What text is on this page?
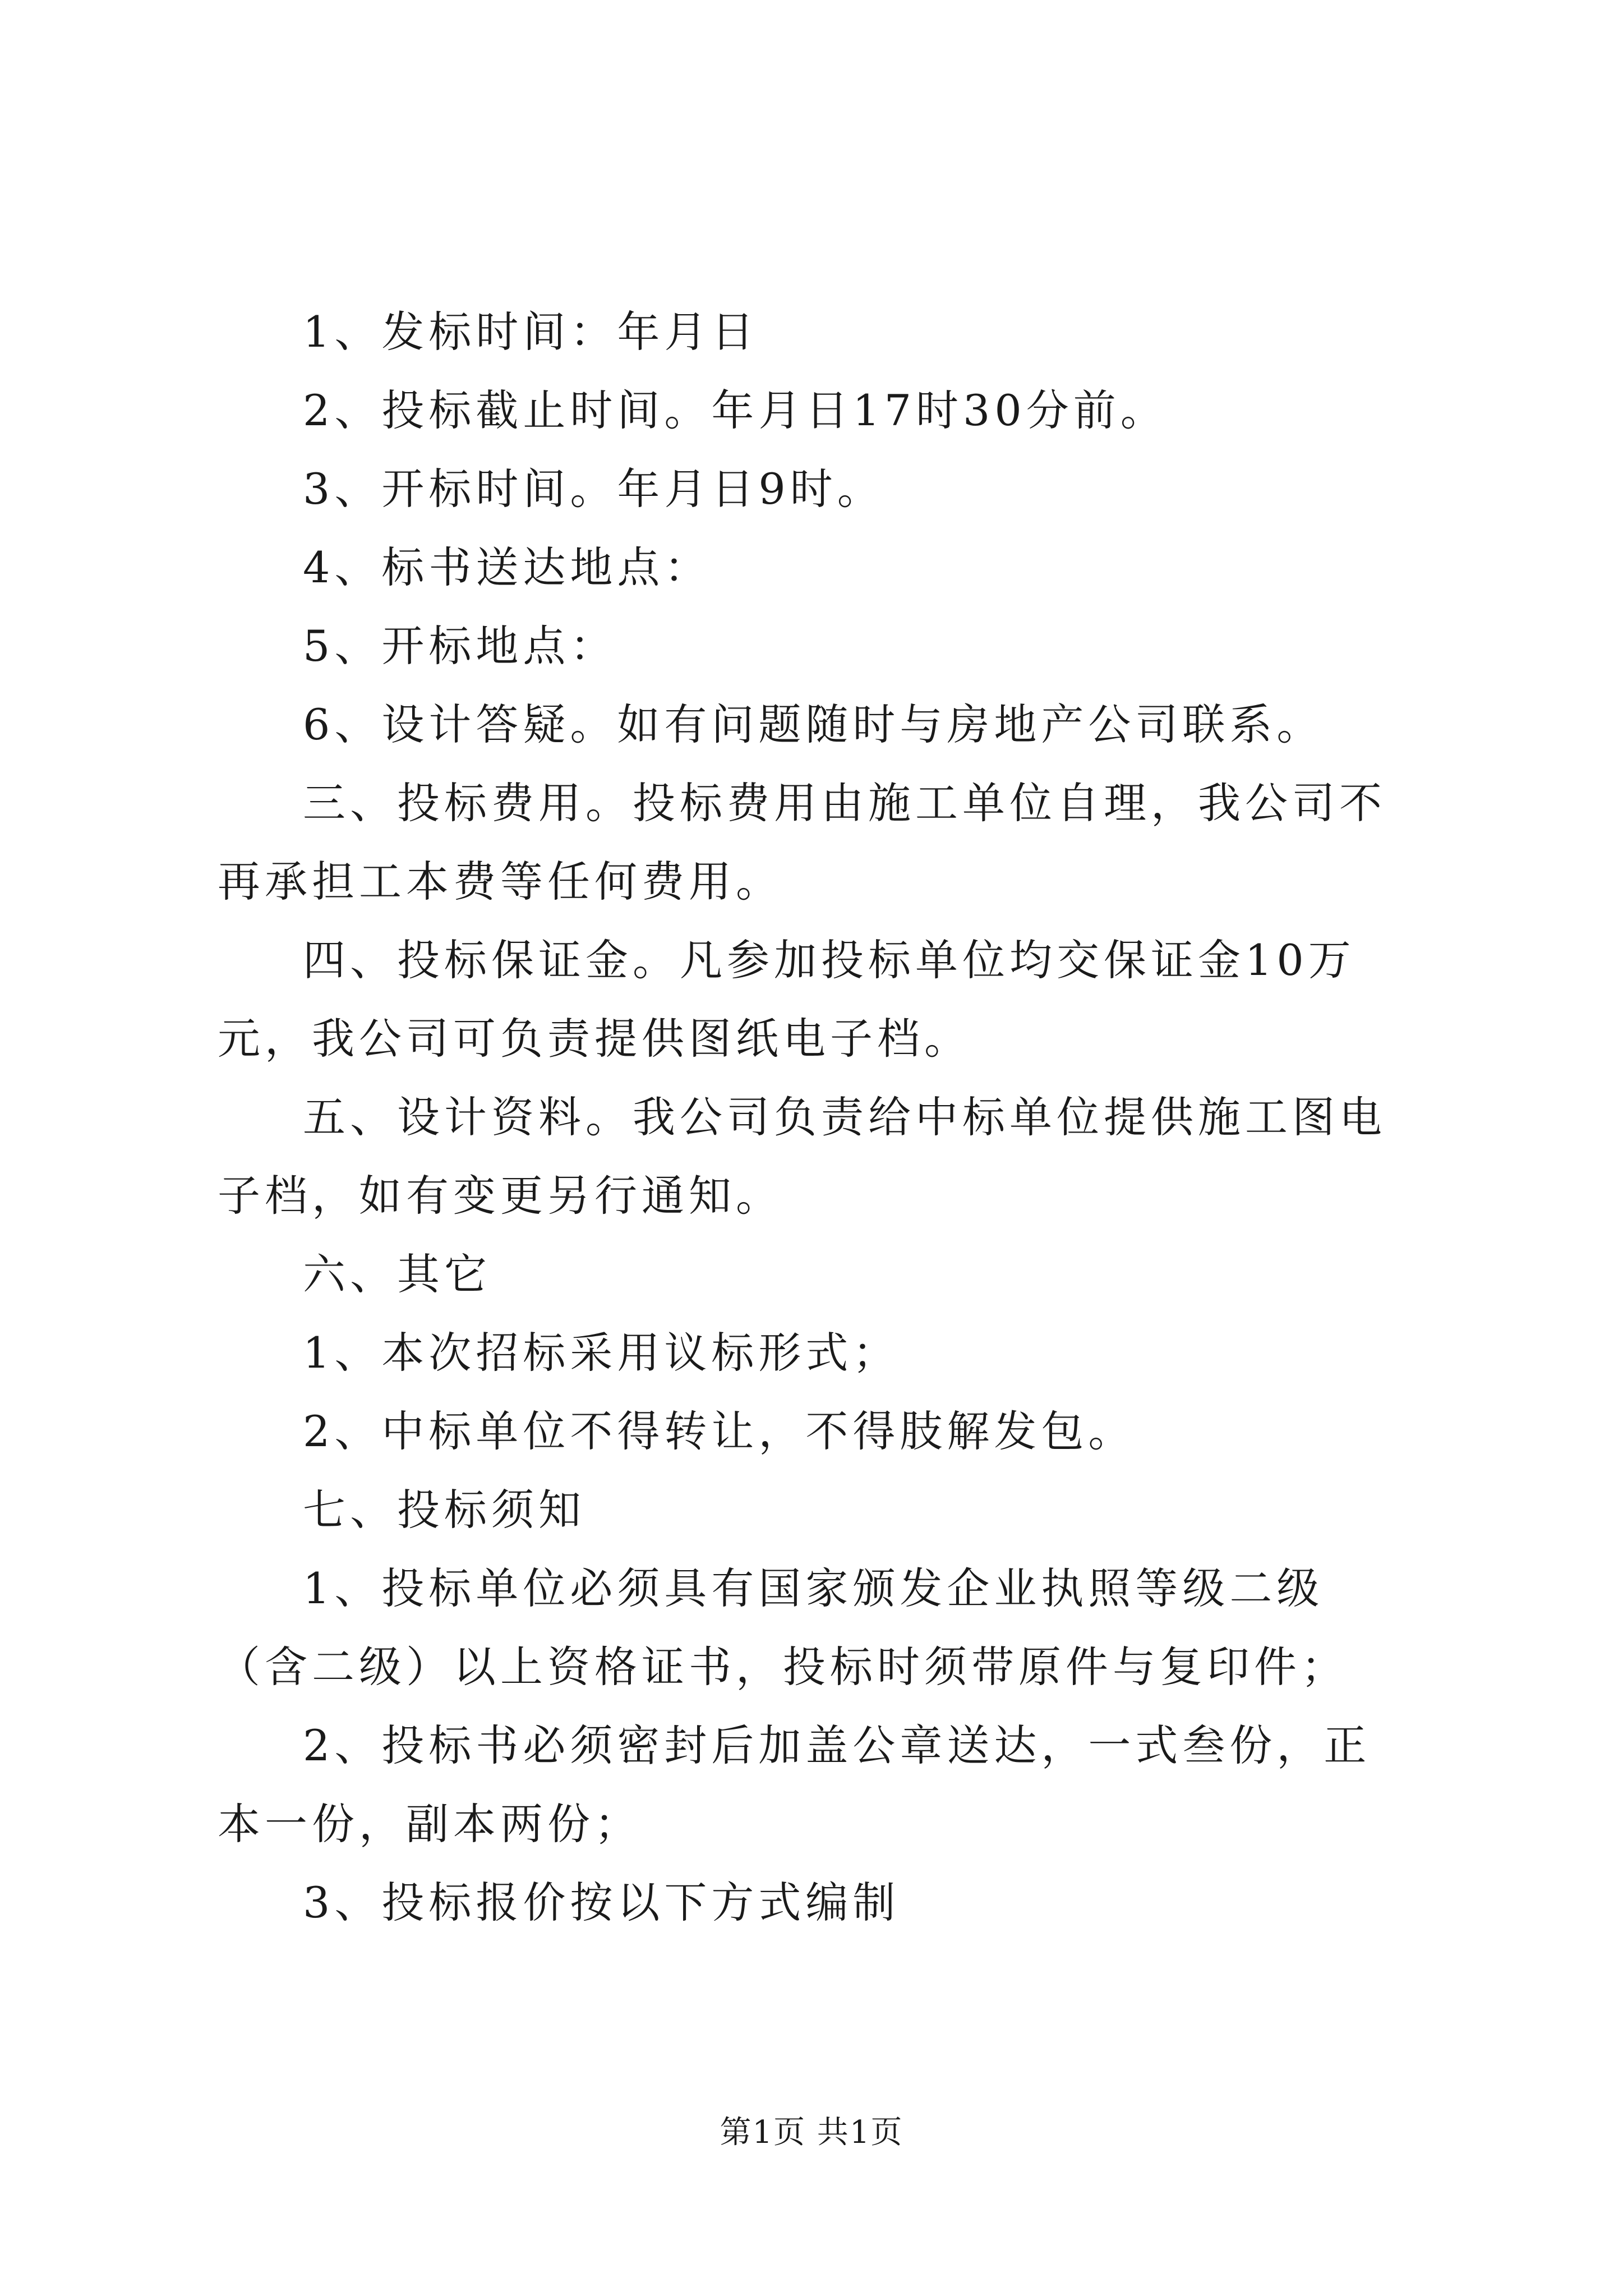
1、发标时间：年月日

2、投标截止时间。年月日17时30分前。

3、开标时间。年月日9时。

4、标书送达地点：

5、开标地点：

6、设计答疑。如有问题随时与房地产公司联系。

三、投标费用。投标费用由施工单位自理，我公司不再承担工本费等任何费用。

四、投标保证金。凡参加投标单位均交保证金10万元，我公司可负责提供图纸电子档。

五、设计资料。我公司负责给中标单位提供施工图电子档，如有变更另行通知。

六、其它

1、本次招标采用议标形式；

2、中标单位不得转让，不得肢解发包。

七、投标须知

1、投标单位必须具有国家颁发企业执照等级二级（含二级）以上资格证书，投标时须带原件与复印件；

2、投标书必须密封后加盖公章送达，一式叁份，正本一份，副本两份；

3、投标报价按以下方式编制

第1页 共1页
